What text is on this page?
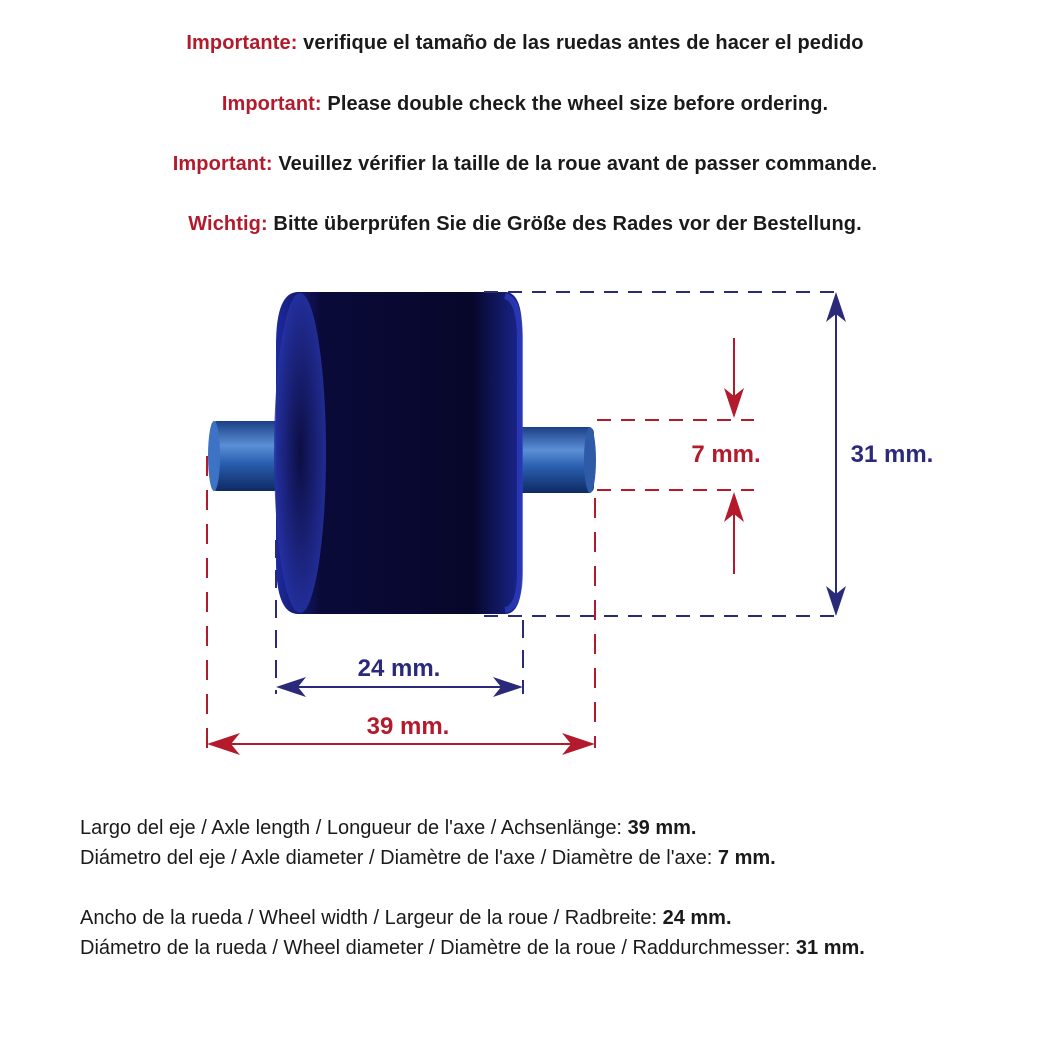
Importante: verifique el tamaño de las ruedas antes de hacer el pedido
Important: Please double check the wheel size before ordering.
Important: Veuillez vérifier la taille de la roue avant de passer commande.
Wichtig: Bitte überprüfen Sie die Größe des Rades vor der Bestellung.
7 mm.	31 mm.
24 mm.
39 mm.
Largo del eje / Axle length / Longueur de l'axe / Achsenlänge: 39 mm.
Diámetro del eje / Axle diameter / Diamètre de l'axe / Diamètre de l'axe: 7 mm.
Ancho de la rueda / Wheel width / Largeur de la roue / Radbreite: 24 mm.
Diámetro de la rueda / Wheel diameter / Diamètre de la roue / Raddurchmesser: 31 mm.
